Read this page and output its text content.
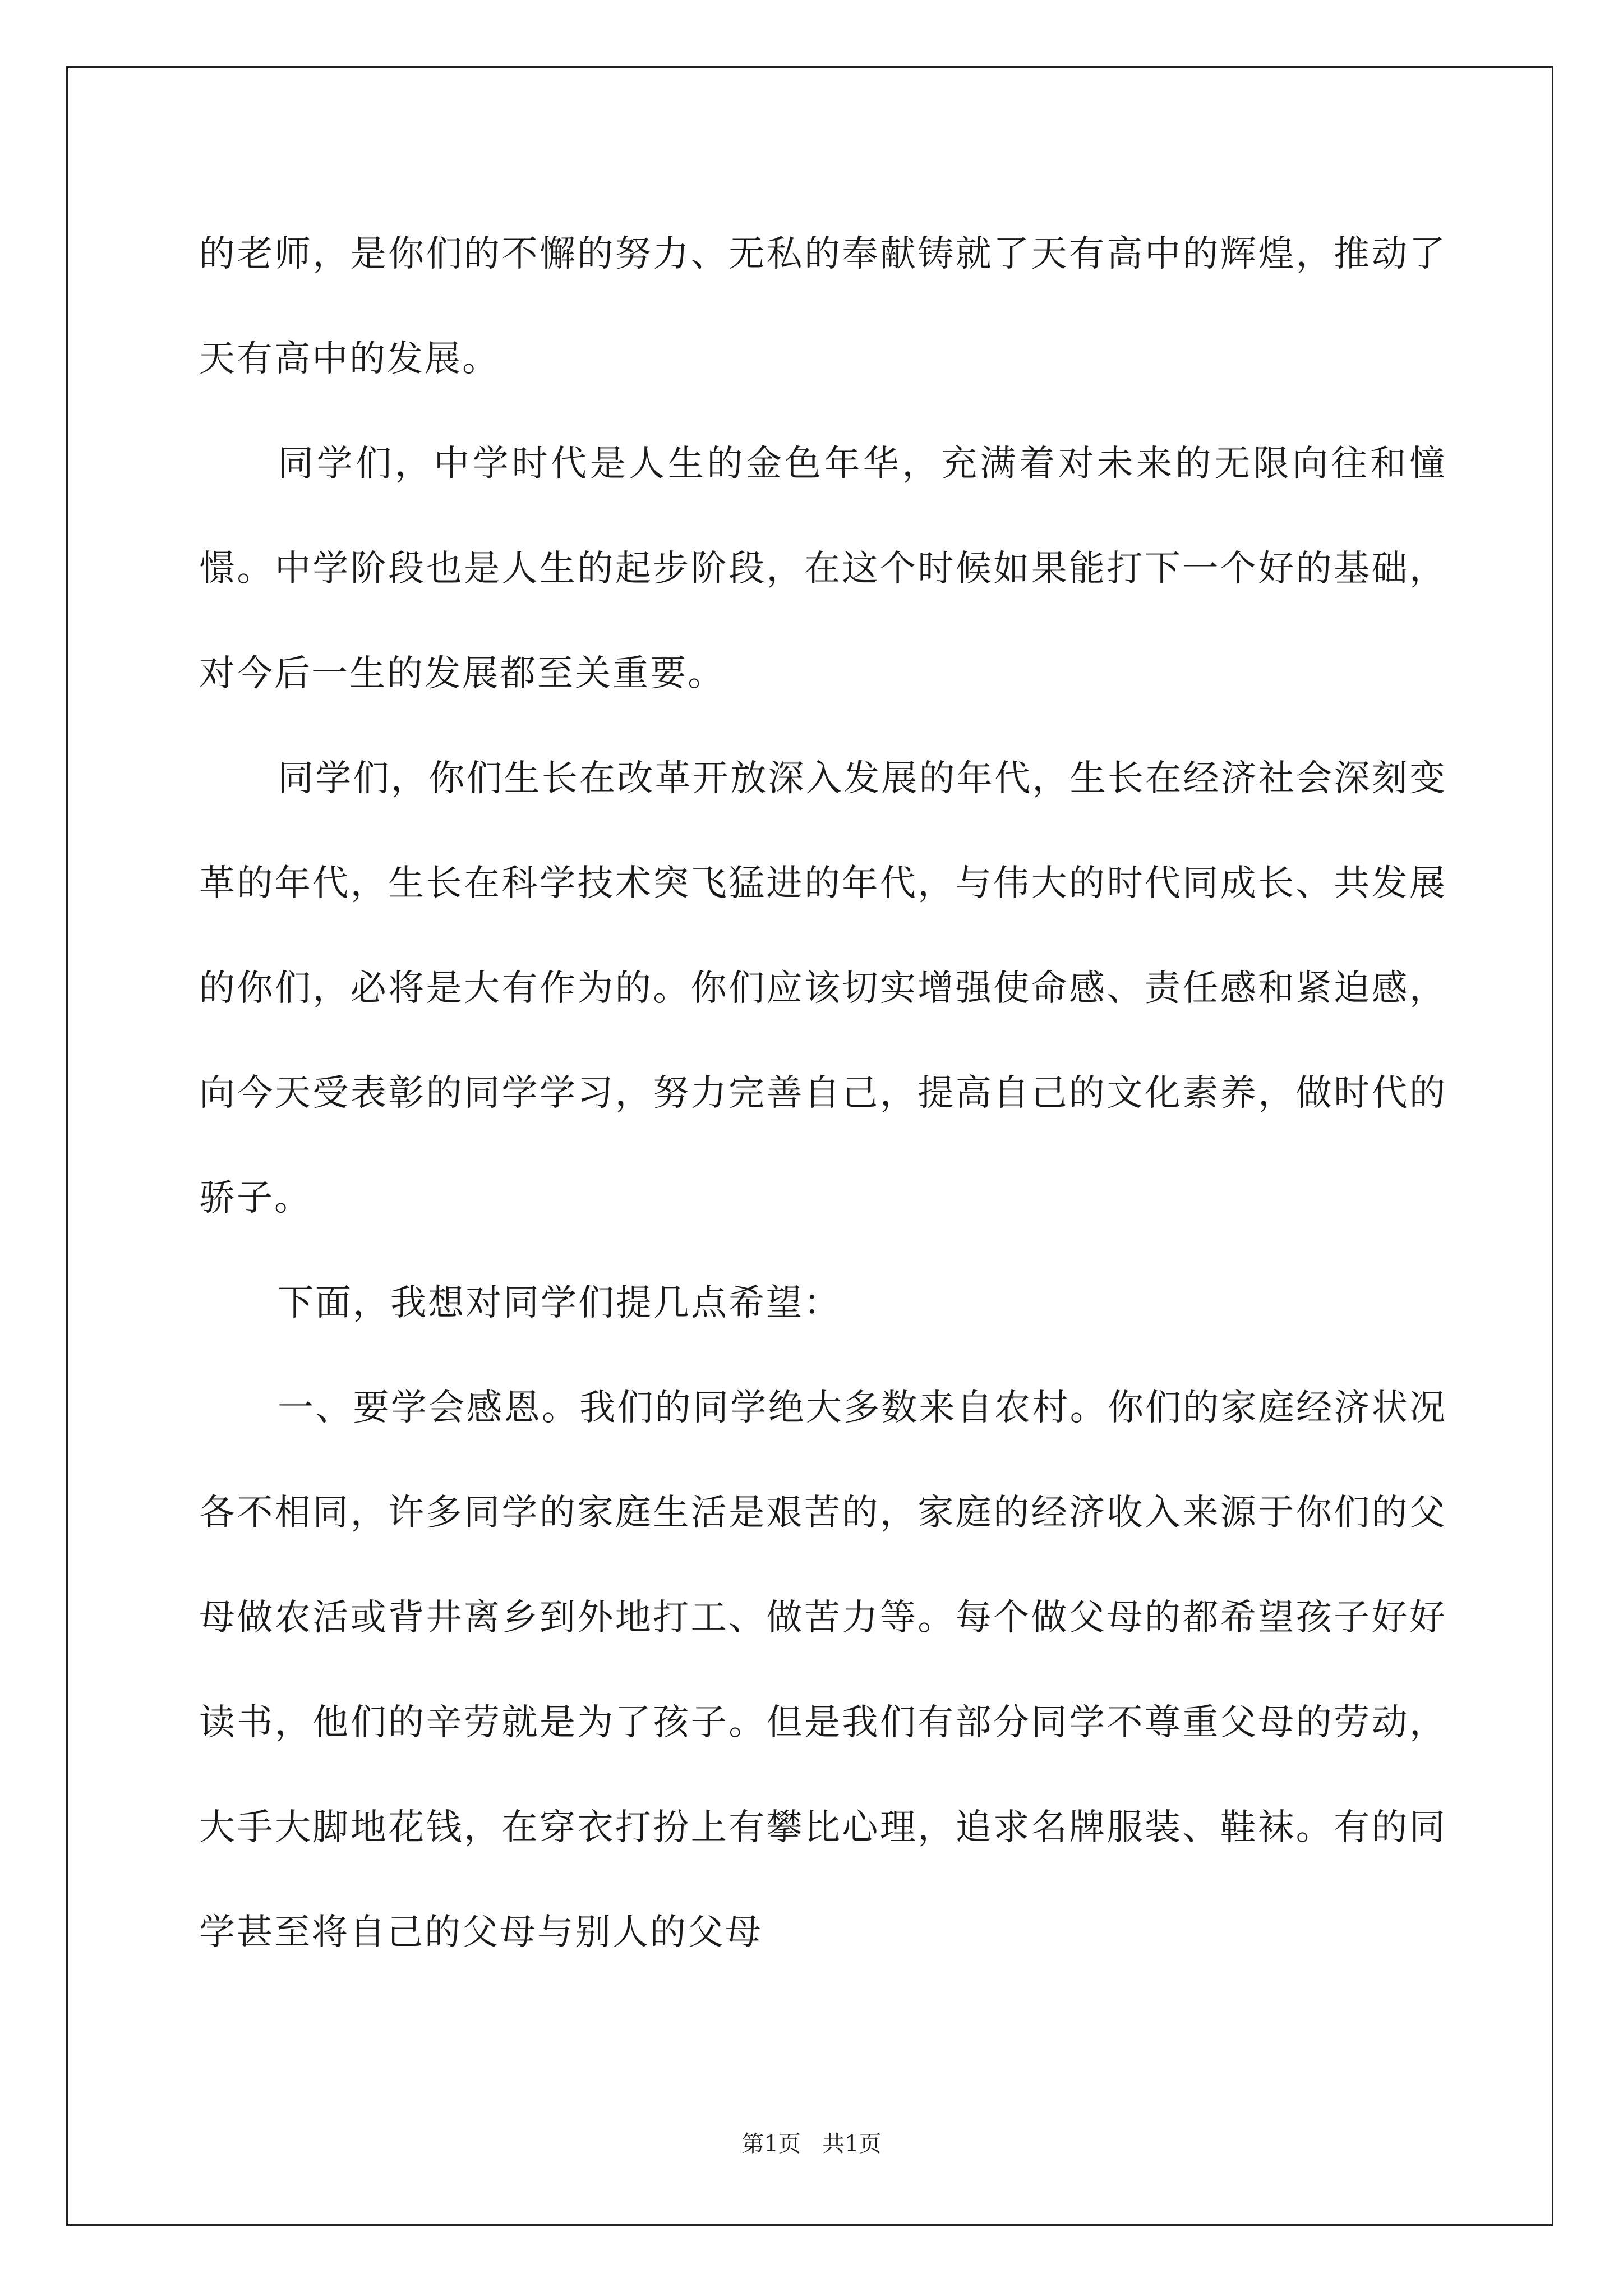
的老师，是你们的不懈的努力、无私的奉献铸就了天有高中的辉煌，推动了天有高中的发展。

同学们，中学时代是人生的金色年华，充满着对未来的无限向往和憧憬。中学阶段也是人生的起步阶段，在这个时候如果能打下一个好的基础，对今后一生的发展都至关重要。

同学们，你们生长在改革开放深入发展的年代，生长在经济社会深刻变革的年代，生长在科学技术突飞猛进的年代，与伟大的时代同成长、共发展的你们，必将是大有作为的。你们应该切实增强使命感、责任感和紧迫感，向今天受表彰的同学学习，努力完善自己，提高自己的文化素养，做时代的骄子。

下面，我想对同学们提几点希望：

一、要学会感恩。我们的同学绝大多数来自农村。你们的家庭经济状况各不相同，许多同学的家庭生活是艰苦的，家庭的经济收入来源于你们的父母做农活或背井离乡到外地打工、做苦力等。每个做父母的都希望孩子好好读书，他们的辛劳就是为了孩子。但是我们有部分同学不尊重父母的劳动，大手大脚地花钱，在穿衣打扮上有攀比心理，追求名牌服装、鞋袜。有的同学甚至将自己的父母与别人的父母

第1页 共1页
